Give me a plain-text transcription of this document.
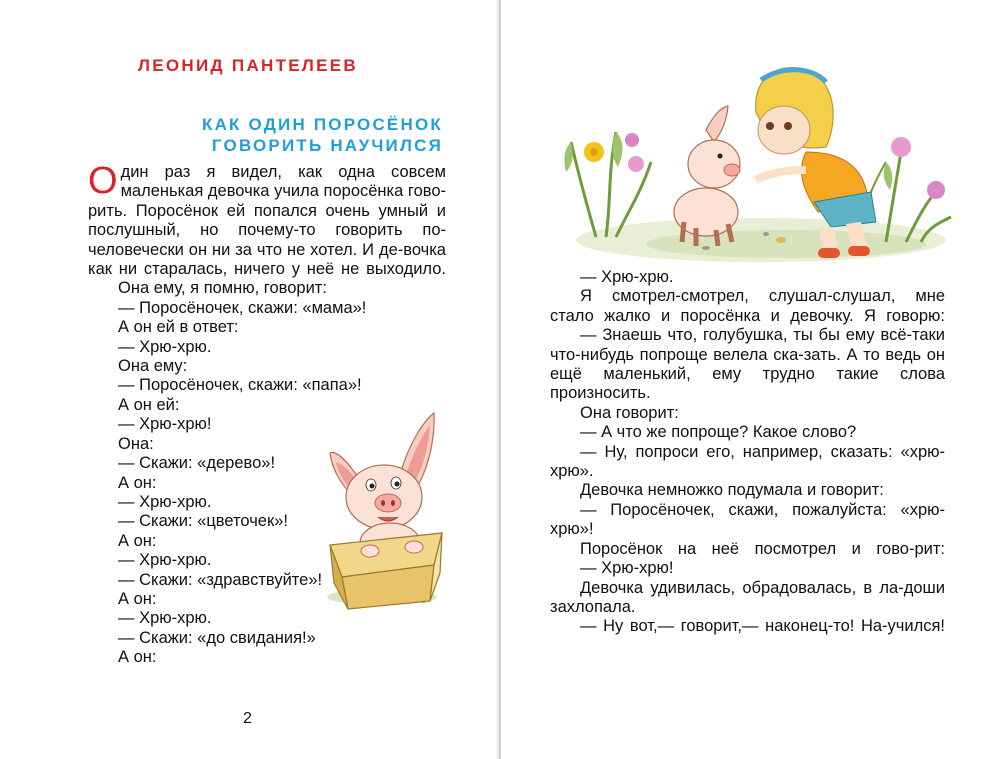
ЛЕОНИД ПАНТЕЛЕЕВ
КАК ОДИН ПОРОСЁНОК
ГОВОРИТЬ НАУЧИЛСЯ

Один раз я видел, как одна совсем маленькая девочка учила поросёнка гово-рить. Поросёнок ей попался очень умный и послушный, но почему-то говорить по-человечески он ни за что не хотел. И де-вочка как ни старалась, ничего у неё не выходило.

Она ему, я помню, говорит:

— Поросёночек, скажи: «мама»!

А он ей в ответ:

— Хрю-хрю.

Она ему:

— Поросёночек, скажи: «папа»!

А он ей:

— Хрю-хрю!

Она:

— Скажи: «дерево»!

А он:

— Хрю-хрю.

— Скажи: «цветочек»!

А он:

— Хрю-хрю.

— Скажи: «здравствуйте»!

А он:

— Хрю-хрю.

— Скажи: «до свидания!»

А он:

2

— Хрю-хрю.

Я смотрел-смотрел, слушал-слушал, мне стало жалко и поросёнка и девочку. Я говорю:

— Знаешь что, голубушка, ты бы ему всё-таки что-нибудь попроще велела ска-зать. А то ведь он ещё маленький, ему трудно такие слова произносить.

Она говорит:

— А что же попроще? Какое слово?

— Ну, попроси его, например, сказать: «хрю-хрю».

Девочка немножко подумала и говорит:

— Поросёночек, скажи, пожалуйста: «хрю-хрю»!

Поросёнок на неё посмотрел и гово-рит:

— Хрю-хрю!

Девочка удивилась, обрадовалась, в ла-доши захлопала.

— Ну вот,— говорит,— наконец-то! На-учился!
